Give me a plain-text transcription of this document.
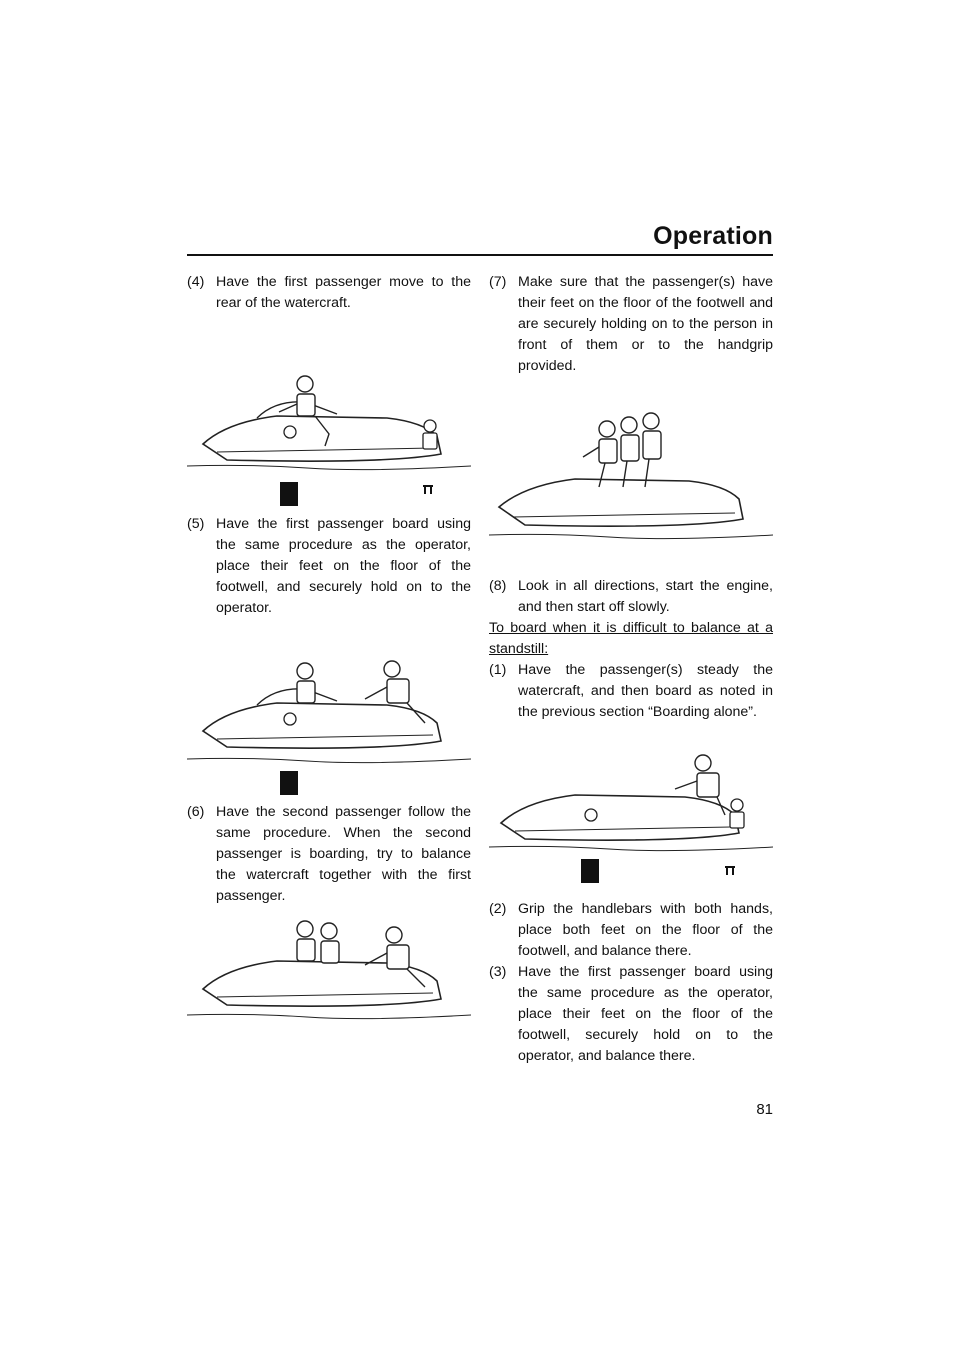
Operation

(4) Have the first passenger move to the rear of the watercraft.

(5) Have the first passenger board using the same procedure as the operator, place their feet on the floor of the footwell, and securely hold on to the operator.

(6) Have the second passenger follow the same procedure. When the second passenger is boarding, try to balance the watercraft together with the first passenger.

(7) Make sure that the passenger(s) have their feet on the floor of the footwell and are securely holding on to the person in front of them or to the handgrip provided.

(8) Look in all directions, start the engine, and then start off slowly.

To board when it is difficult to balance at a standstill:

(1) Have the passenger(s) steady the watercraft, and then board as noted in the previous section “Boarding alone”.

(2) Grip the handlebars with both hands, place both feet on the floor of the footwell, and balance there.

(3) Have the first passenger board using the same procedure as the operator, place their feet on the floor of the footwell, securely hold on to the operator, and balance there.

81
